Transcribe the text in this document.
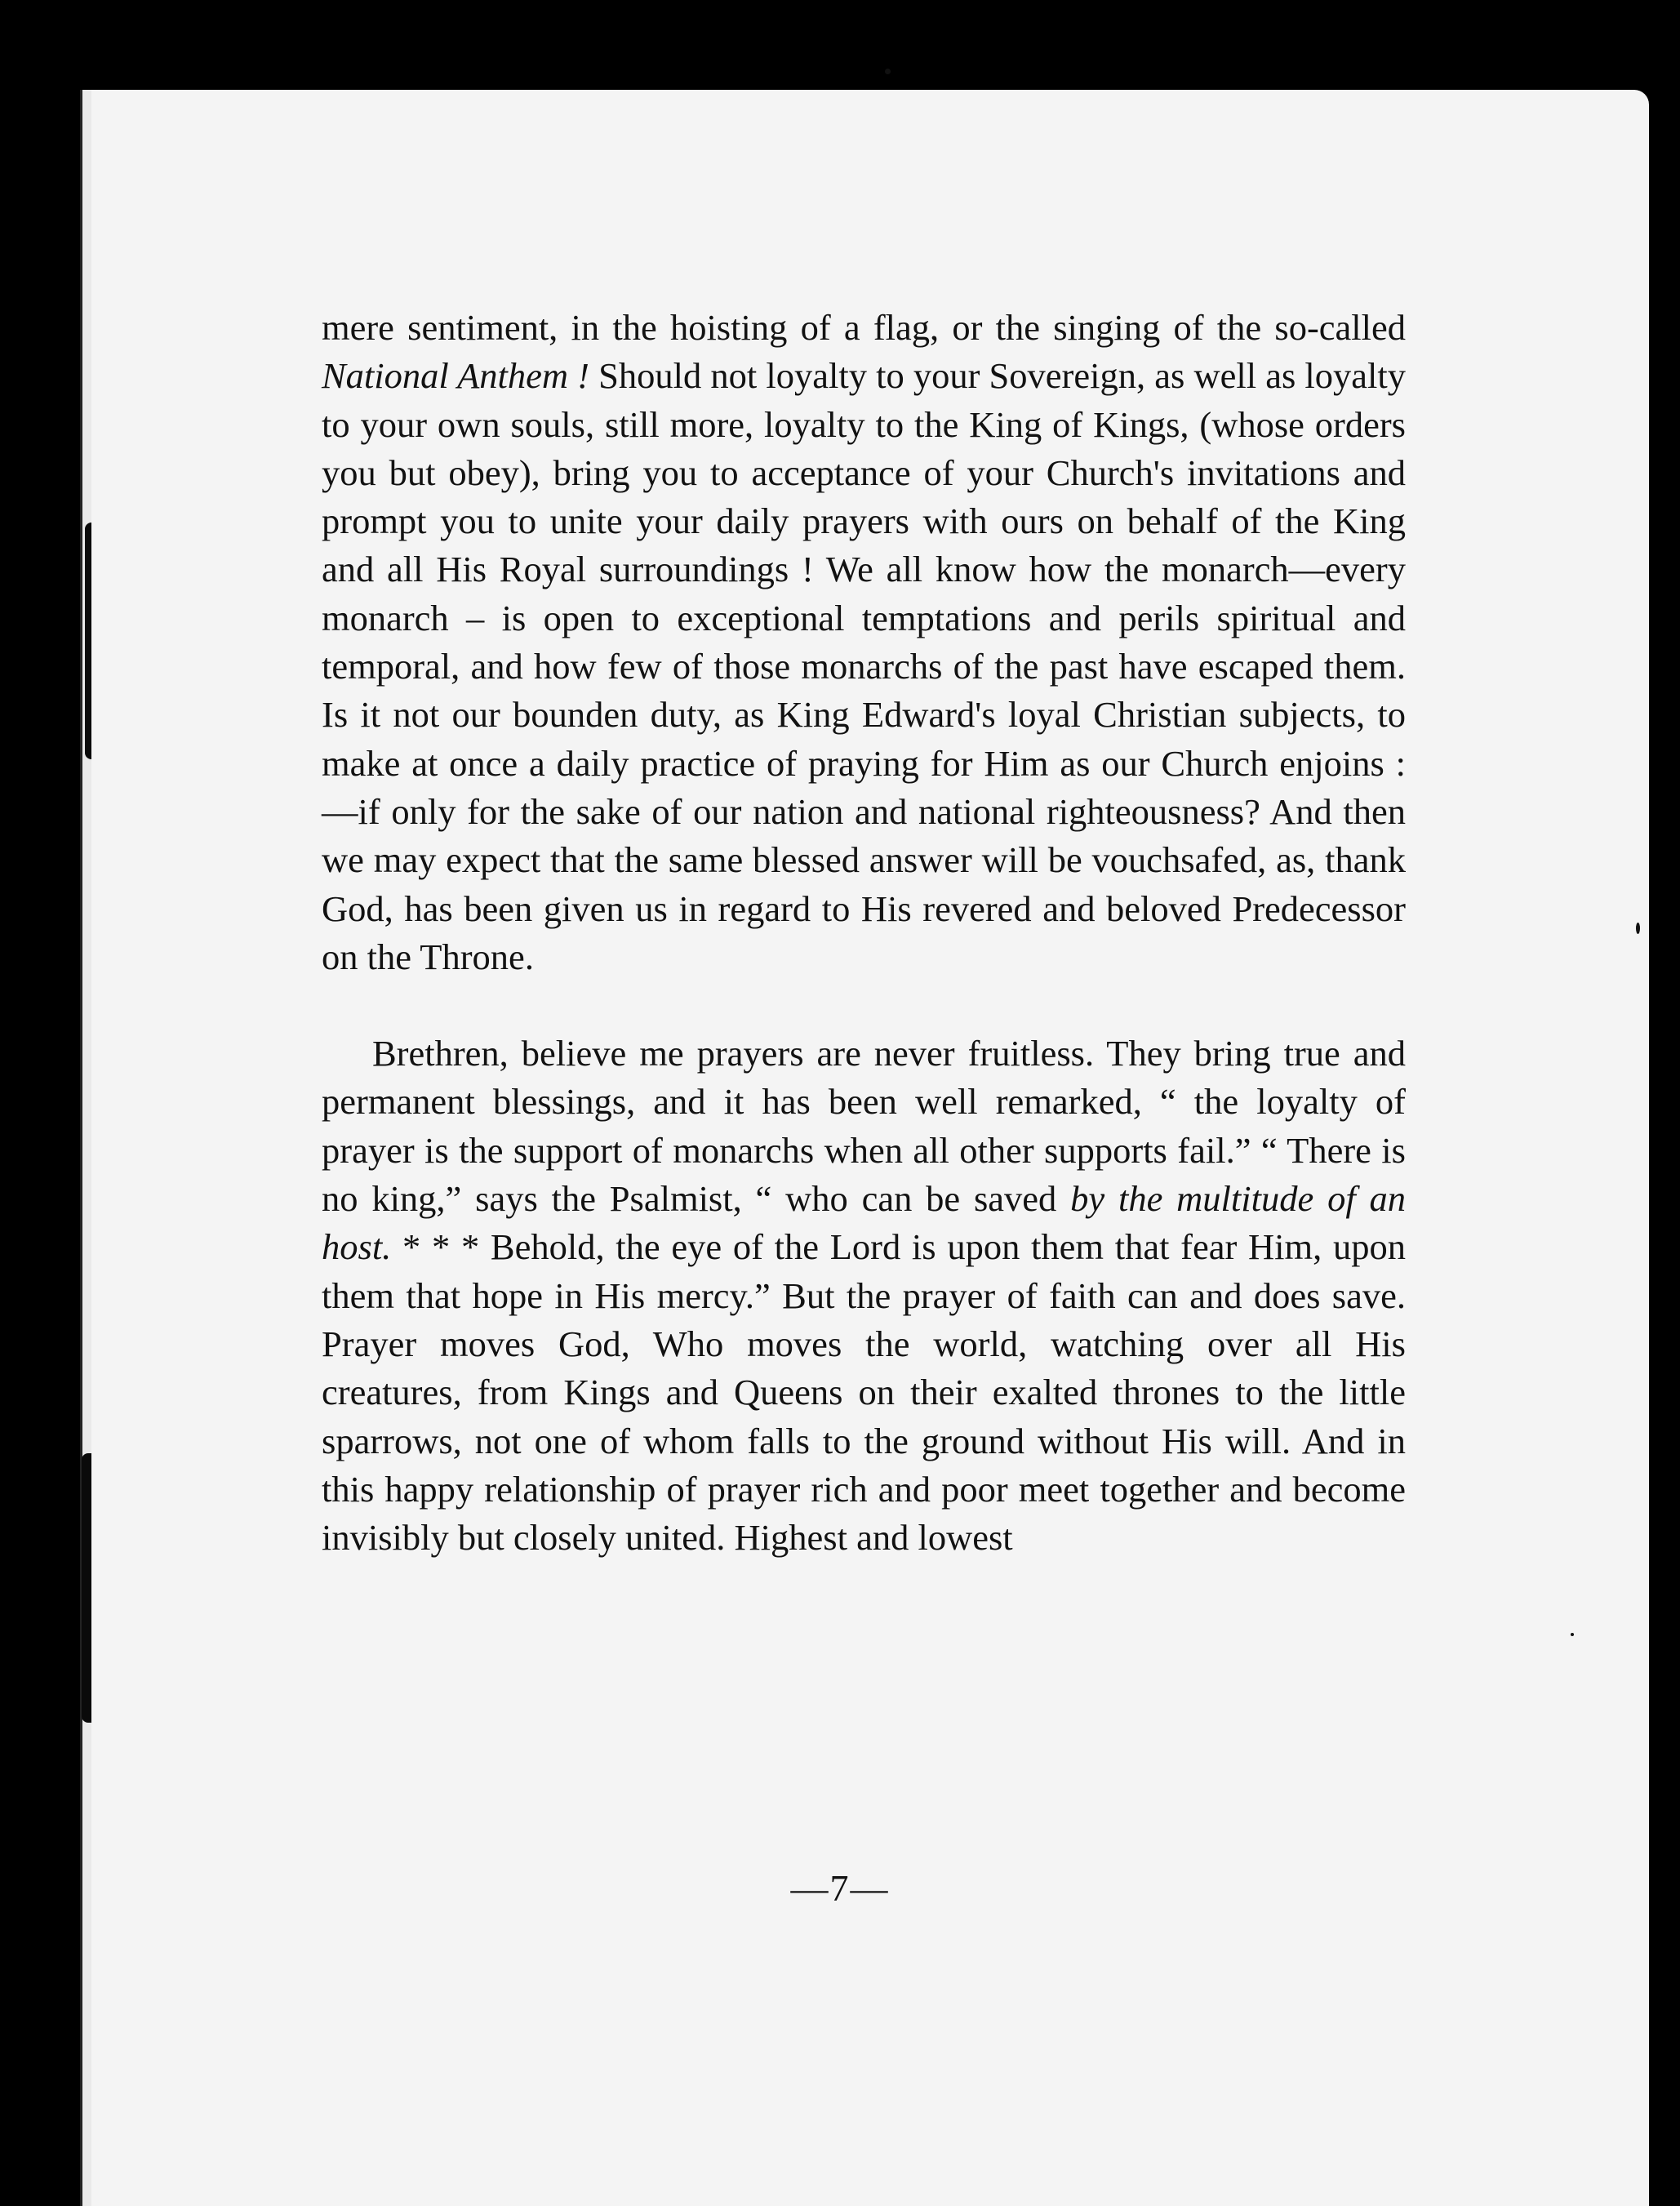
mere sentiment, in the hoisting of a flag, or the singing of the so-called National Anthem ! Should not loyalty to your Sovereign, as well as loyalty to your own souls, still more, loyalty to the King of Kings, (whose orders you but obey), bring you to acceptance of your Church's invitations and prompt you to unite your daily prayers with ours on behalf of the King and all His Royal surroundings ! We all know how the monarch—every monarch – is open to exceptional temptations and perils spiritual and temporal, and how few of those monarchs of the past have escaped them. Is it not our bounden duty, as King Edward's loyal Christian subjects, to make at once a daily practice of praying for Him as our Church enjoins :—if only for the sake of our nation and national righteousness? And then we may expect that the same blessed answer will be vouchsafed, as, thank God, has been given us in regard to His revered and beloved Predecessor on the Throne.

Brethren, believe me prayers are never fruitless. They bring true and permanent blessings, and it has been well remarked, “ the loyalty of prayer is the support of monarchs when all other supports fail.” “ There is no king,” says the Psalmist, “ who can be saved by the multitude of an host. * * * Behold, the eye of the Lord is upon them that fear Him, upon them that hope in His mercy.” But the prayer of faith can and does save. Prayer moves God, Who moves the world, watching over all His creatures, from Kings and Queens on their exalted thrones to the little sparrows, not one of whom falls to the ground without His will. And in this happy relationship of prayer rich and poor meet together and become invisibly but closely united. Highest and lowest

—7—
